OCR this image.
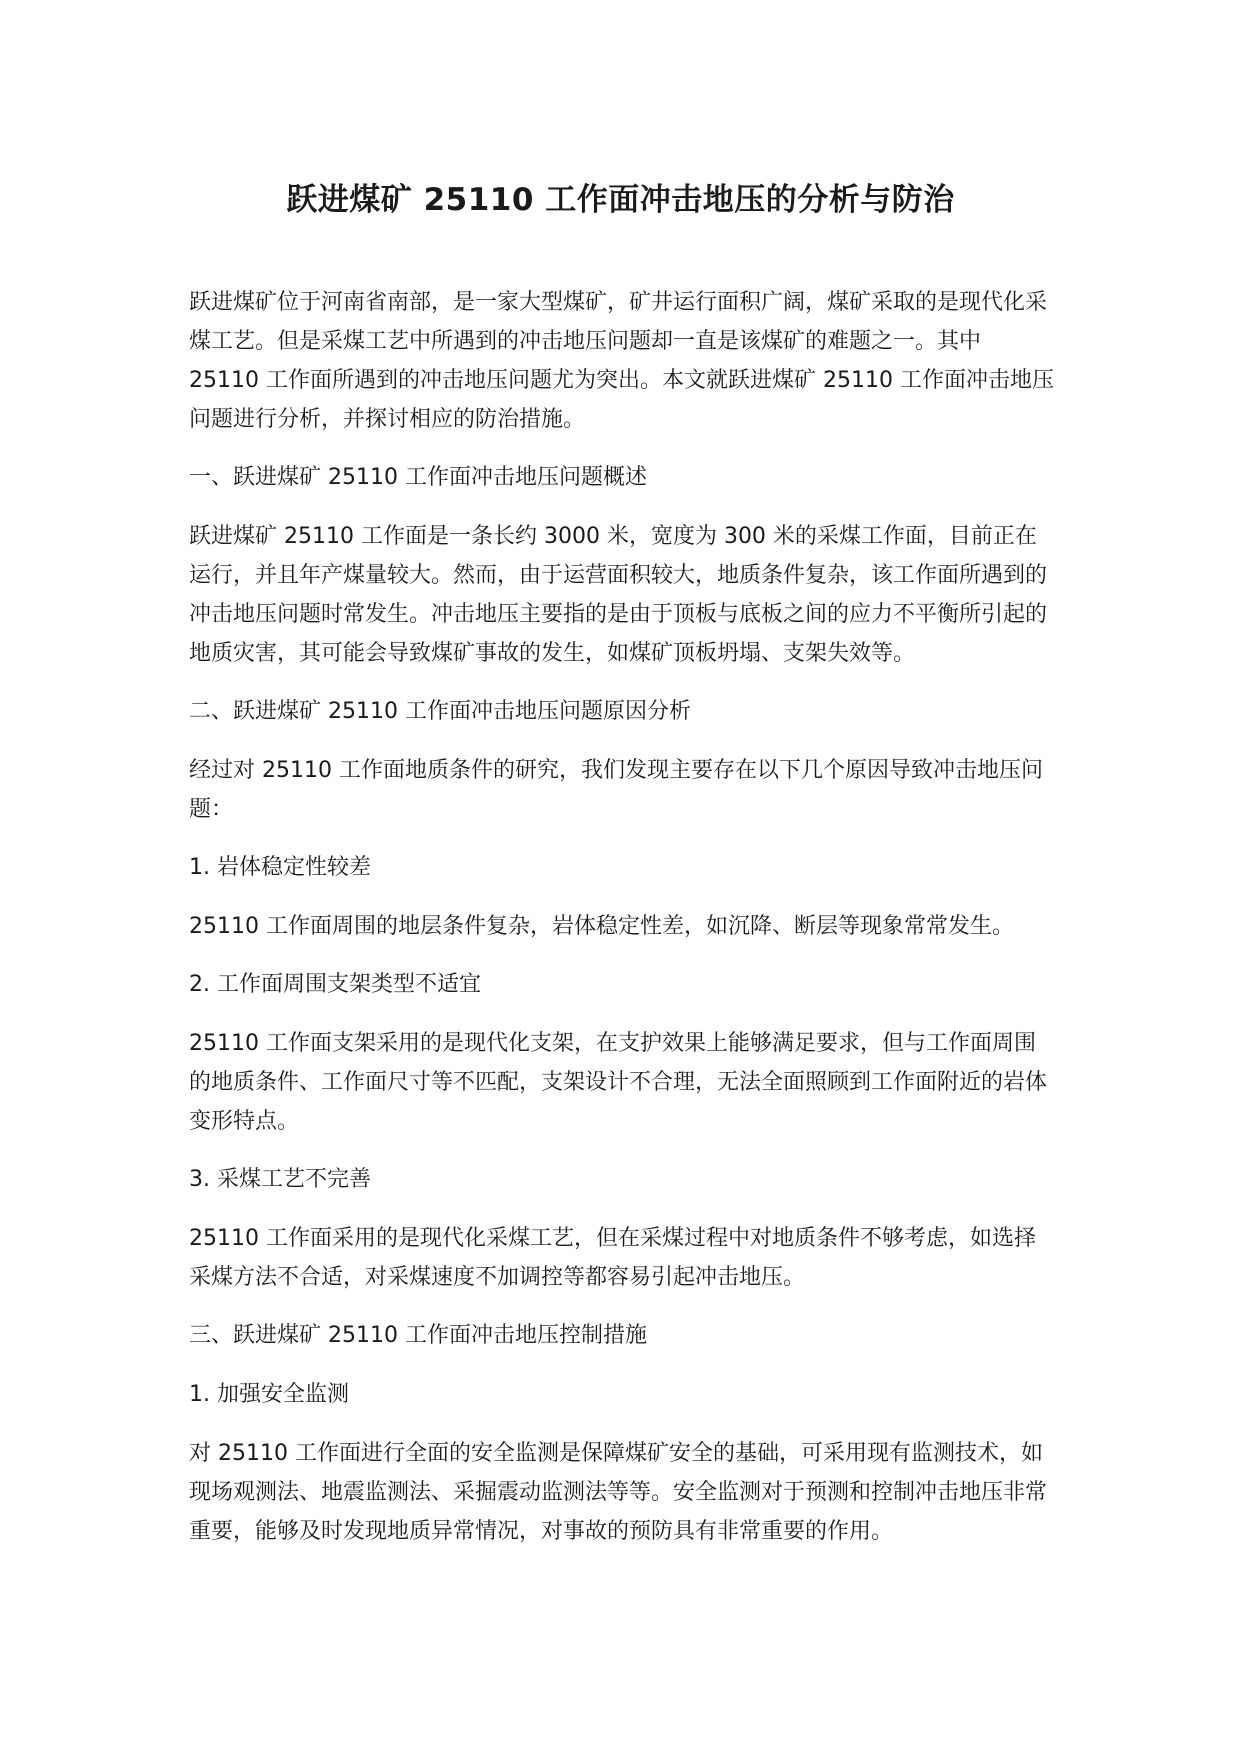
跃进煤矿 25110 工作面冲击地压的分析与防治

跃进煤矿位于河南省南部，是一家大型煤矿，矿井运行面积广阔，煤矿采取的是现代化采煤工艺。但是采煤工艺中所遇到的冲击地压问题却一直是该煤矿的难题之一。其中 25110 工作面所遇到的冲击地压问题尤为突出。本文就跃进煤矿 25110 工作面冲击地压问题进行分析，并探讨相应的防治措施。

一、跃进煤矿 25110 工作面冲击地压问题概述

跃进煤矿 25110 工作面是一条长约 3000 米，宽度为 300 米的采煤工作面，目前正在运行，并且年产煤量较大。然而，由于运营面积较大，地质条件复杂，该工作面所遇到的冲击地压问题时常发生。冲击地压主要指的是由于顶板与底板之间的应力不平衡所引起的地质灾害，其可能会导致煤矿事故的发生，如煤矿顶板坍塌、支架失效等。

二、跃进煤矿 25110 工作面冲击地压问题原因分析

经过对 25110 工作面地质条件的研究，我们发现主要存在以下几个原因导致冲击地压问题：

1. 岩体稳定性较差

25110 工作面周围的地层条件复杂，岩体稳定性差，如沉降、断层等现象常常发生。

2. 工作面周围支架类型不适宜

25110 工作面支架采用的是现代化支架，在支护效果上能够满足要求，但与工作面周围的地质条件、工作面尺寸等不匹配，支架设计不合理，无法全面照顾到工作面附近的岩体变形特点。

3. 采煤工艺不完善

25110 工作面采用的是现代化采煤工艺，但在采煤过程中对地质条件不够考虑，如选择采煤方法不合适，对采煤速度不加调控等都容易引起冲击地压。

三、跃进煤矿 25110 工作面冲击地压控制措施

1. 加强安全监测

对 25110 工作面进行全面的安全监测是保障煤矿安全的基础，可采用现有监测技术，如现场观测法、地震监测法、采掘震动监测法等等。安全监测对于预测和控制冲击地压非常重要，能够及时发现地质异常情况，对事故的预防具有非常重要的作用。
